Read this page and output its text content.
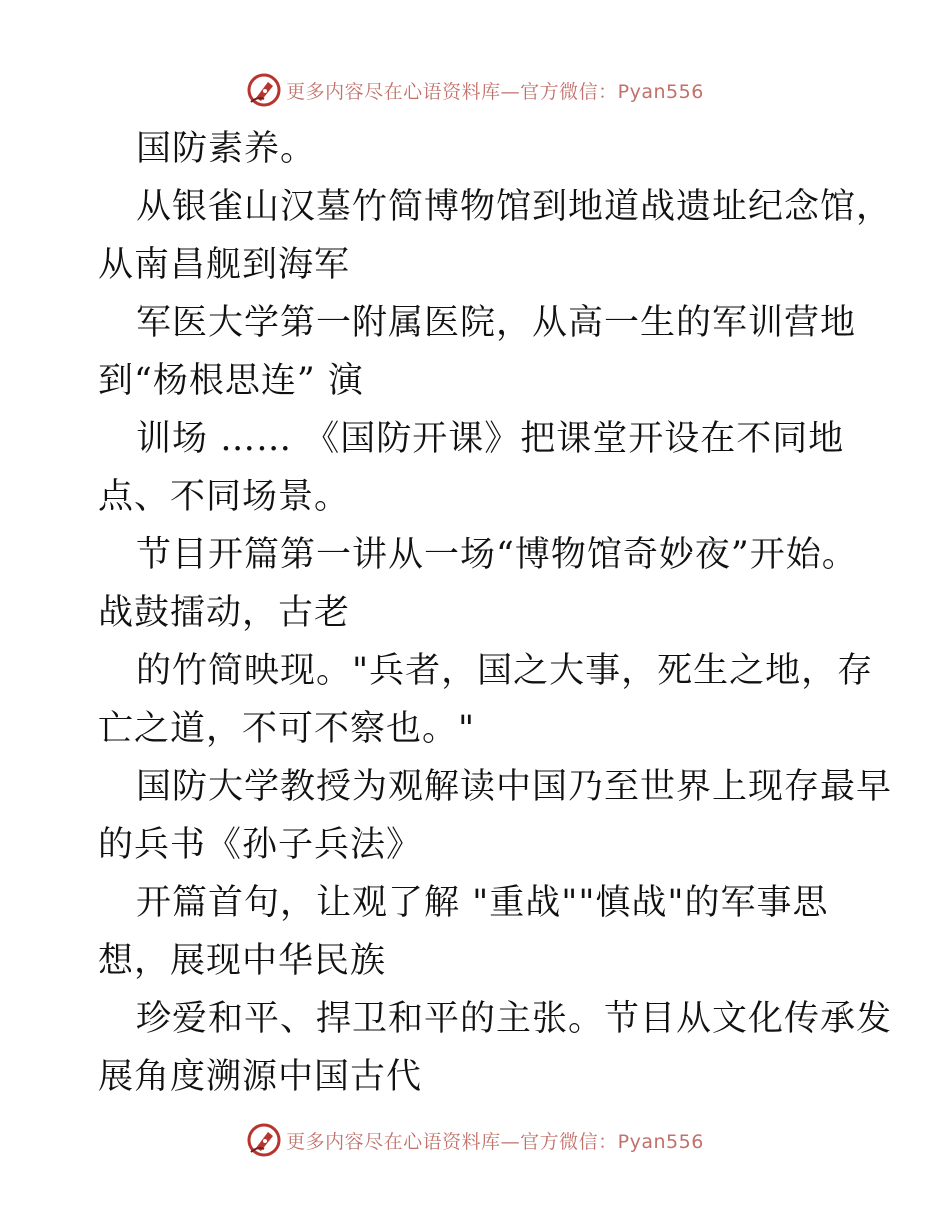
更多内容尽在心语资料库—官方微信：Pyan556
国防素养。
从银雀山汉墓竹简博物馆到地道战遗址纪念馆，
从南昌舰到海军
军医大学第一附属医院，从高一生的军训营地
到“杨根思连” 演
训场 …… 《国防开课》把课堂开设在不同地
点、不同场景。
节目开篇第一讲从一场“博物馆奇妙夜”开始。
战鼓擂动，古老
的竹简映现。"兵者，国之大事，死生之地，存
亡之道，不可不察也。"
国防大学教授为观解读中国乃至世界上现存最早
的兵书《孙子兵法》
开篇首句，让观了解 "重战""慎战"的军事思
想，展现中华民族
珍爱和平、捍卫和平的主张。节目从文化传承发
展角度溯源中国古代
更多内容尽在心语资料库—官方微信：Pyan556
